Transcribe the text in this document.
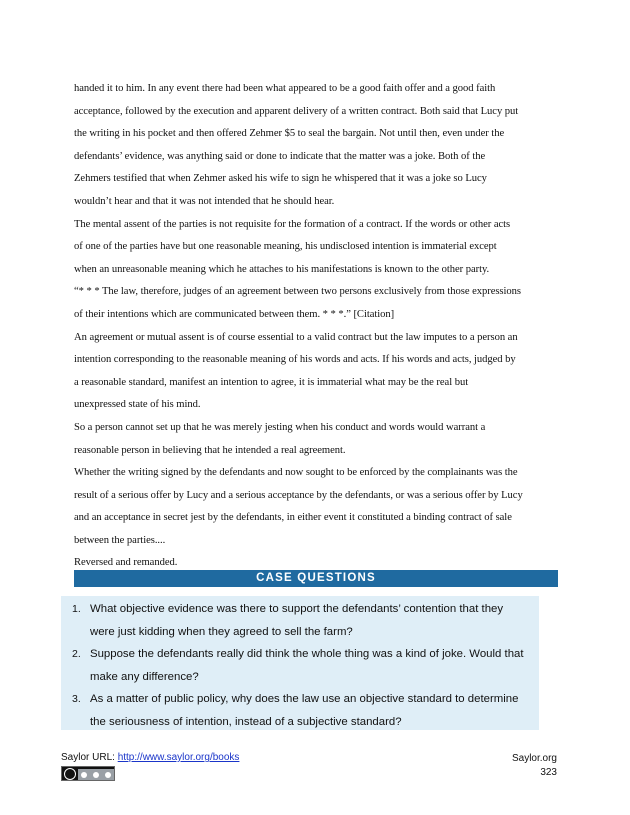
handed it to him. In any event there had been what appeared to be a good faith offer and a good faith

acceptance, followed by the execution and apparent delivery of a written contract. Both said that Lucy put

the writing in his pocket and then offered Zehmer $5 to seal the bargain. Not until then, even under the

defendants’ evidence, was anything said or done to indicate that the matter was a joke. Both of the

Zehmers testified that when Zehmer asked his wife to sign he whispered that it was a joke so Lucy

wouldn’t hear and that it was not intended that he should hear.

The mental assent of the parties is not requisite for the formation of a contract. If the words or other acts

of one of the parties have but one reasonable meaning, his undisclosed intention is immaterial except

when an unreasonable meaning which he attaches to his manifestations is known to the other party.

“* * * The law, therefore, judges of an agreement between two persons exclusively from those expressions

of their intentions which are communicated between them. * * *.” [Citation]

An agreement or mutual assent is of course essential to a valid contract but the law imputes to a person an

intention corresponding to the reasonable meaning of his words and acts. If his words and acts, judged by

a reasonable standard, manifest an intention to agree, it is immaterial what may be the real but

unexpressed state of his mind.

So a person cannot set up that he was merely jesting when his conduct and words would warrant a

reasonable person in believing that he intended a real agreement.

Whether the writing signed by the defendants and now sought to be enforced by the complainants was the

result of a serious offer by Lucy and a serious acceptance by the defendants, or was a serious offer by Lucy

and an acceptance in secret jest by the defendants, in either event it constituted a binding contract of sale

between the parties....

Reversed and remanded.

CASE QUESTIONS
1. What objective evidence was there to support the defendants’ contention that they
were just kidding when they agreed to sell the farm?
2. Suppose the defendants really did think the whole thing was a kind of joke. Would that
make any difference?
3. As a matter of public policy, why does the law use an objective standard to determine
the seriousness of intention, instead of a subjective standard?
Saylor URL: http://www.saylor.org/books	Saylor.org
323
